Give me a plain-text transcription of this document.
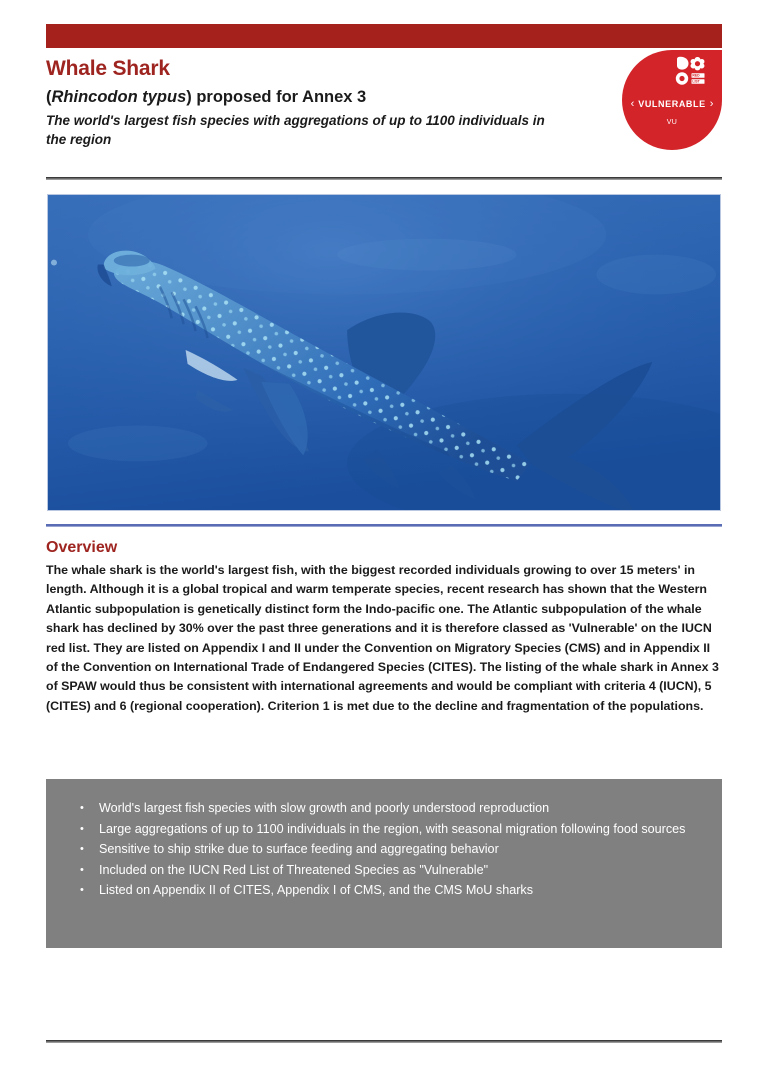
Whale Shark
(Rhincodon typus) proposed for Annex 3

The world's largest fish species with aggregations of up to 1100 individuals in the region

RED
LIST
‹ VULNERABLE ›
VU
Overview

The whale shark is the world's largest fish, with the biggest recorded individuals growing to over 15 meters' in length. Although it is a global tropical and warm temperate species, recent research has shown that the Western Atlantic subpopulation is genetically distinct form the Indo-pacific one. The Atlantic subpopulation of the whale shark has declined by 30% over the past three generations and it is therefore classed as 'Vulnerable' on the IUCN red list. They are listed on Appendix I and II under the Convention on Migratory Species (CMS) and in Appendix II of the Convention on International Trade of Endangered Species (CITES). The listing of the whale shark in Annex 3 of SPAW would thus be consistent with international agreements and would be compliant with criteria 4 (IUCN), 5 (CITES) and 6 (regional cooperation). Criterion 1 is met due to the decline and fragmentation of the populations.

• World's largest fish species with slow growth and poorly understood reproduction
• Large aggregations of up to 1100 individuals in the region, with seasonal migration following food sources
• Sensitive to ship strike due to surface feeding and aggregating behavior
• Included on the IUCN Red List of Threatened Species as "Vulnerable"
• Listed on Appendix II of CITES, Appendix I of CMS, and the CMS MoU sharks
